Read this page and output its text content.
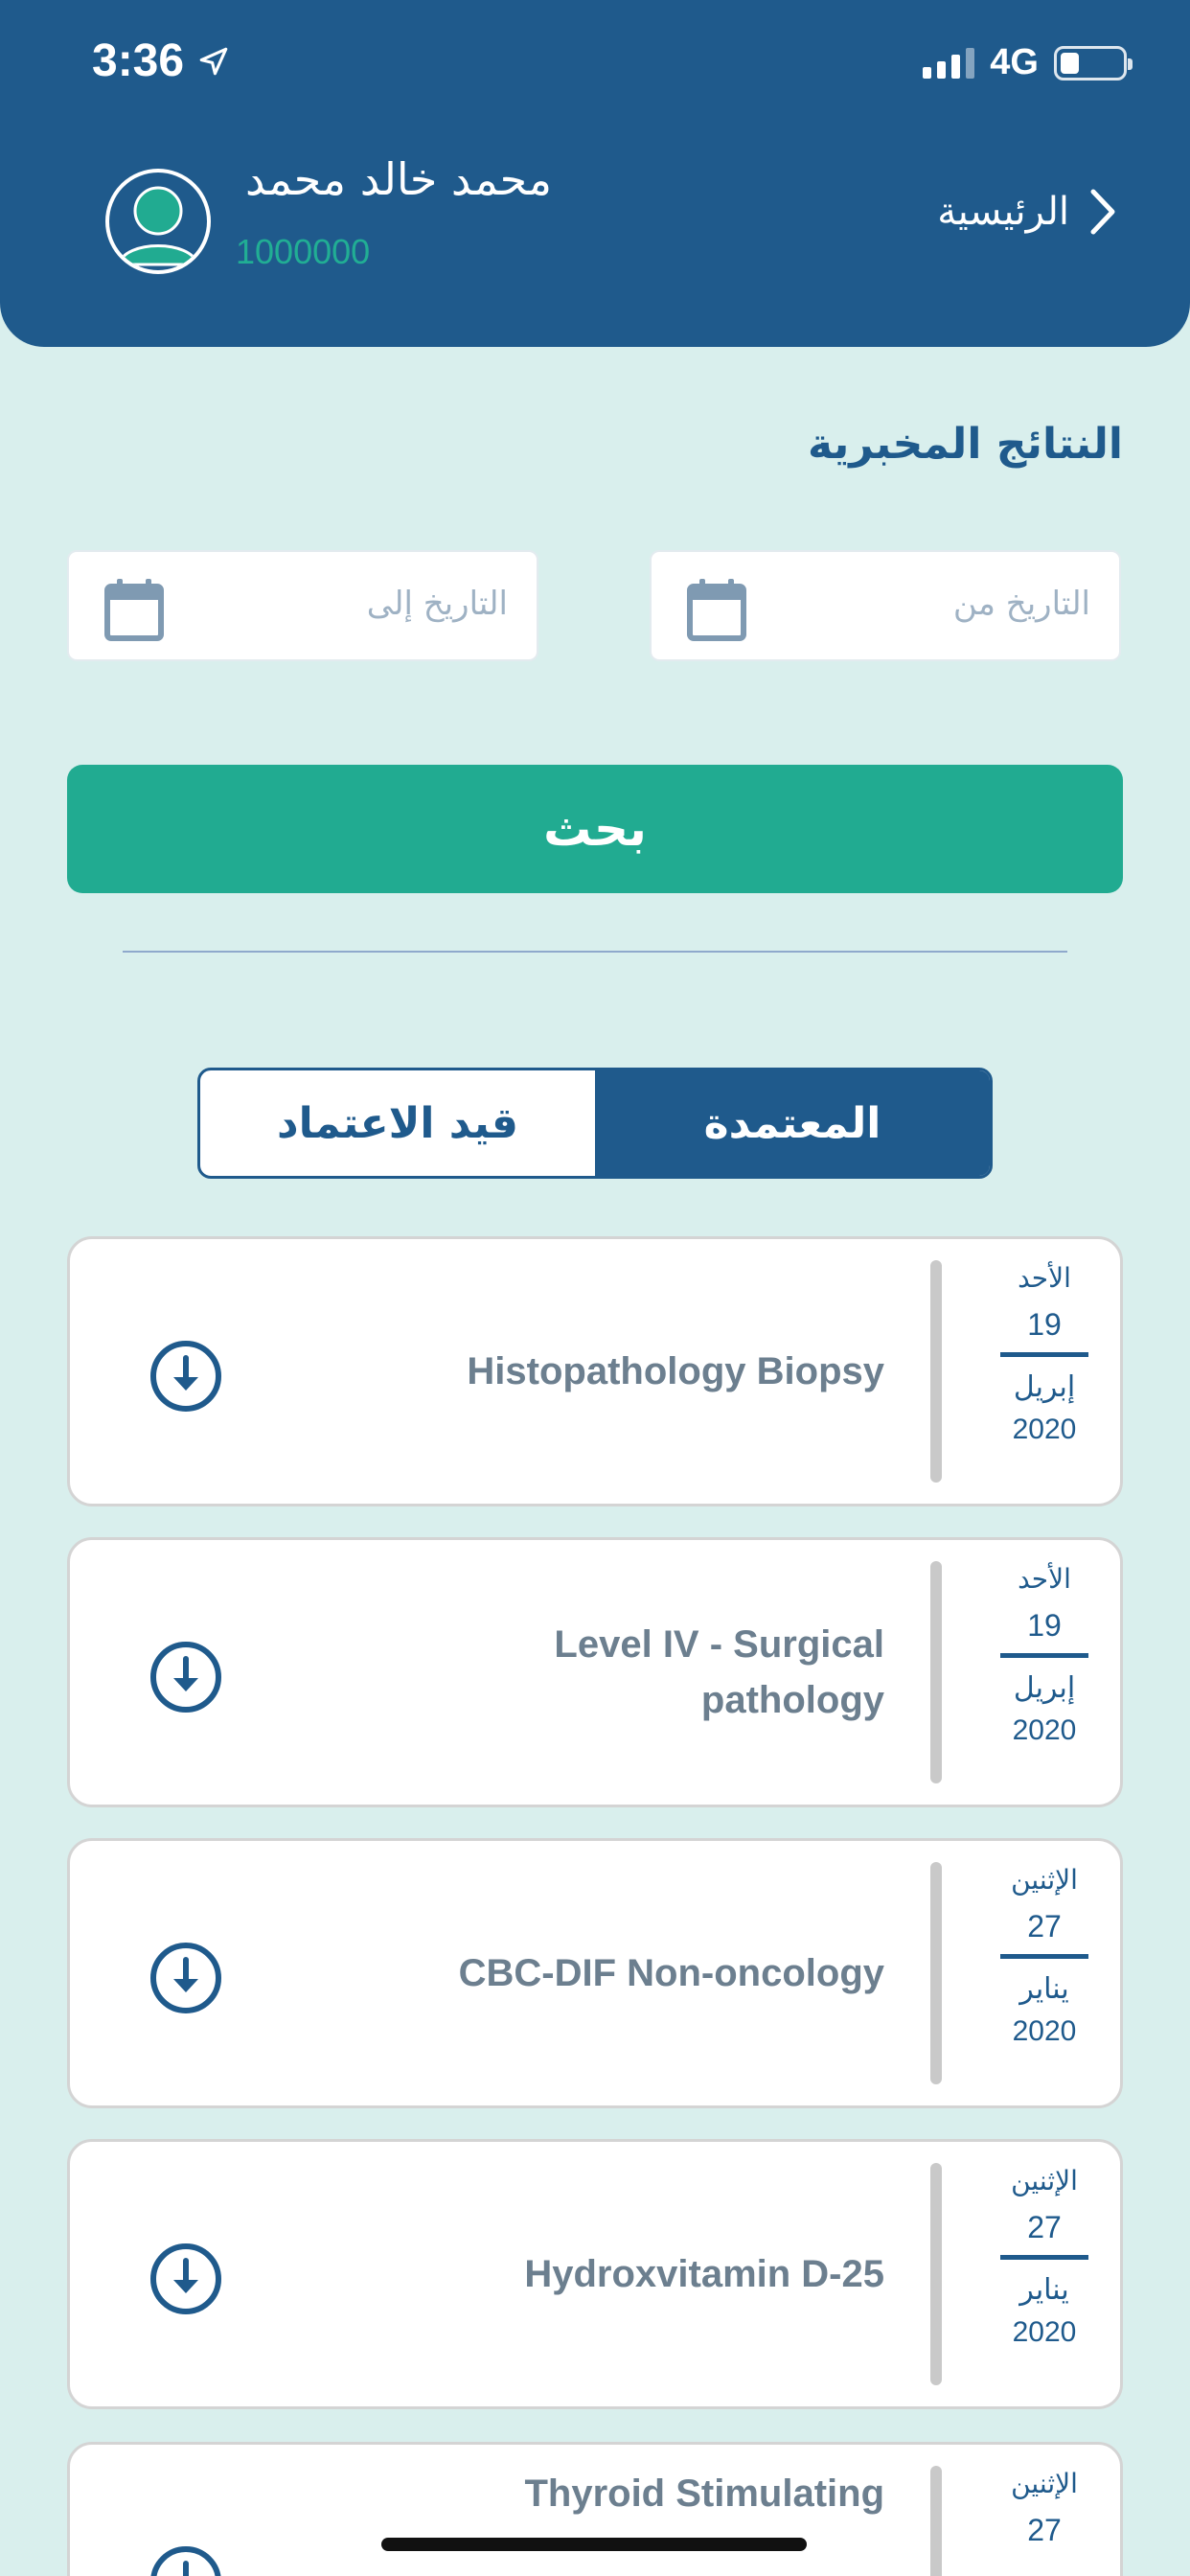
3:36	4G
محمد خالد محمد
1000000
الرئيسية
النتائج المخبرية
التاريخ من
التاريخ إلى
بحث
قيد الاعتماد	المعتمدة
الأحد
19
إبريل
2020
Histopathology Biopsy
الأحد
19
إبريل
2020
Level IV - Surgical pathology
الإثنين
27
يناير
2020
CBC-DIF Non-oncology
الإثنين
27
يناير
2020
Hydroxvitamin D-25
الإثنين
27
Thyroid Stimulating
